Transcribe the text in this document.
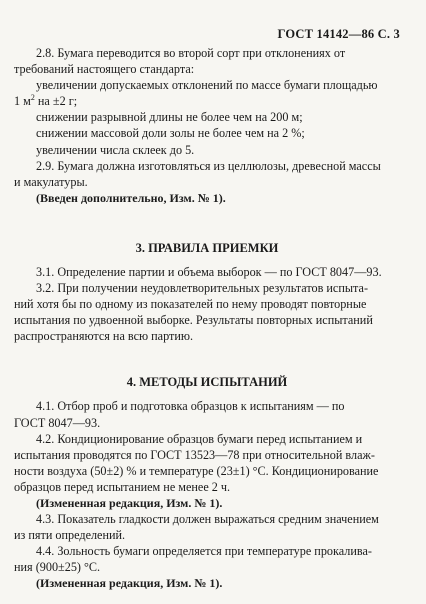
ГОСТ 14142—86 С. 3

2.8. Бумага переводится во второй сорт при отклонениях от

требований настоящего стандарта:

увеличении допускаемых отклонений по массе бумаги площадью

1 $м^2$ на ±2 г;

снижении разрывной длины не более чем на 200 м;

снижении массовой доли золы не более чем на 2 %;

увеличении числа склеек до 5.

2.9. Бумага должна изготовляться из целлюлозы, древесной массы

и макулатуры.

(Введен дополнительно, Изм. № 1).

3. ПРАВИЛА ПРИЕМКИ

3.1. Определение партии и объема выборок — по ГОСТ 8047—93.

3.2. При получении неудовлетворительных результатов испыта-

ний хотя бы по одному из показателей по нему проводят повторные

испытания по удвоенной выборке. Результаты повторных испытаний

распространяются на всю партию.

4. МЕТОДЫ ИСПЫТАНИЙ

4.1. Отбор проб и подготовка образцов к испытаниям — по

ГОСТ 8047—93.

4.2. Кондиционирование образцов бумаги перед испытанием и

испытания проводятся по ГОСТ 13523—78 при относительной влаж-

ности воздуха (50±2) % и температуре (23±1) °С. Кондиционирование

образцов перед испытанием не менее 2 ч.

(Измененная редакция, Изм. № 1).

4.3. Показатель гладкости должен выражаться средним значением

из пяти определений.

4.4. Зольность бумаги определяется при температуре прокалива-

ния (900±25) °С.

(Измененная редакция, Изм. № 1).
